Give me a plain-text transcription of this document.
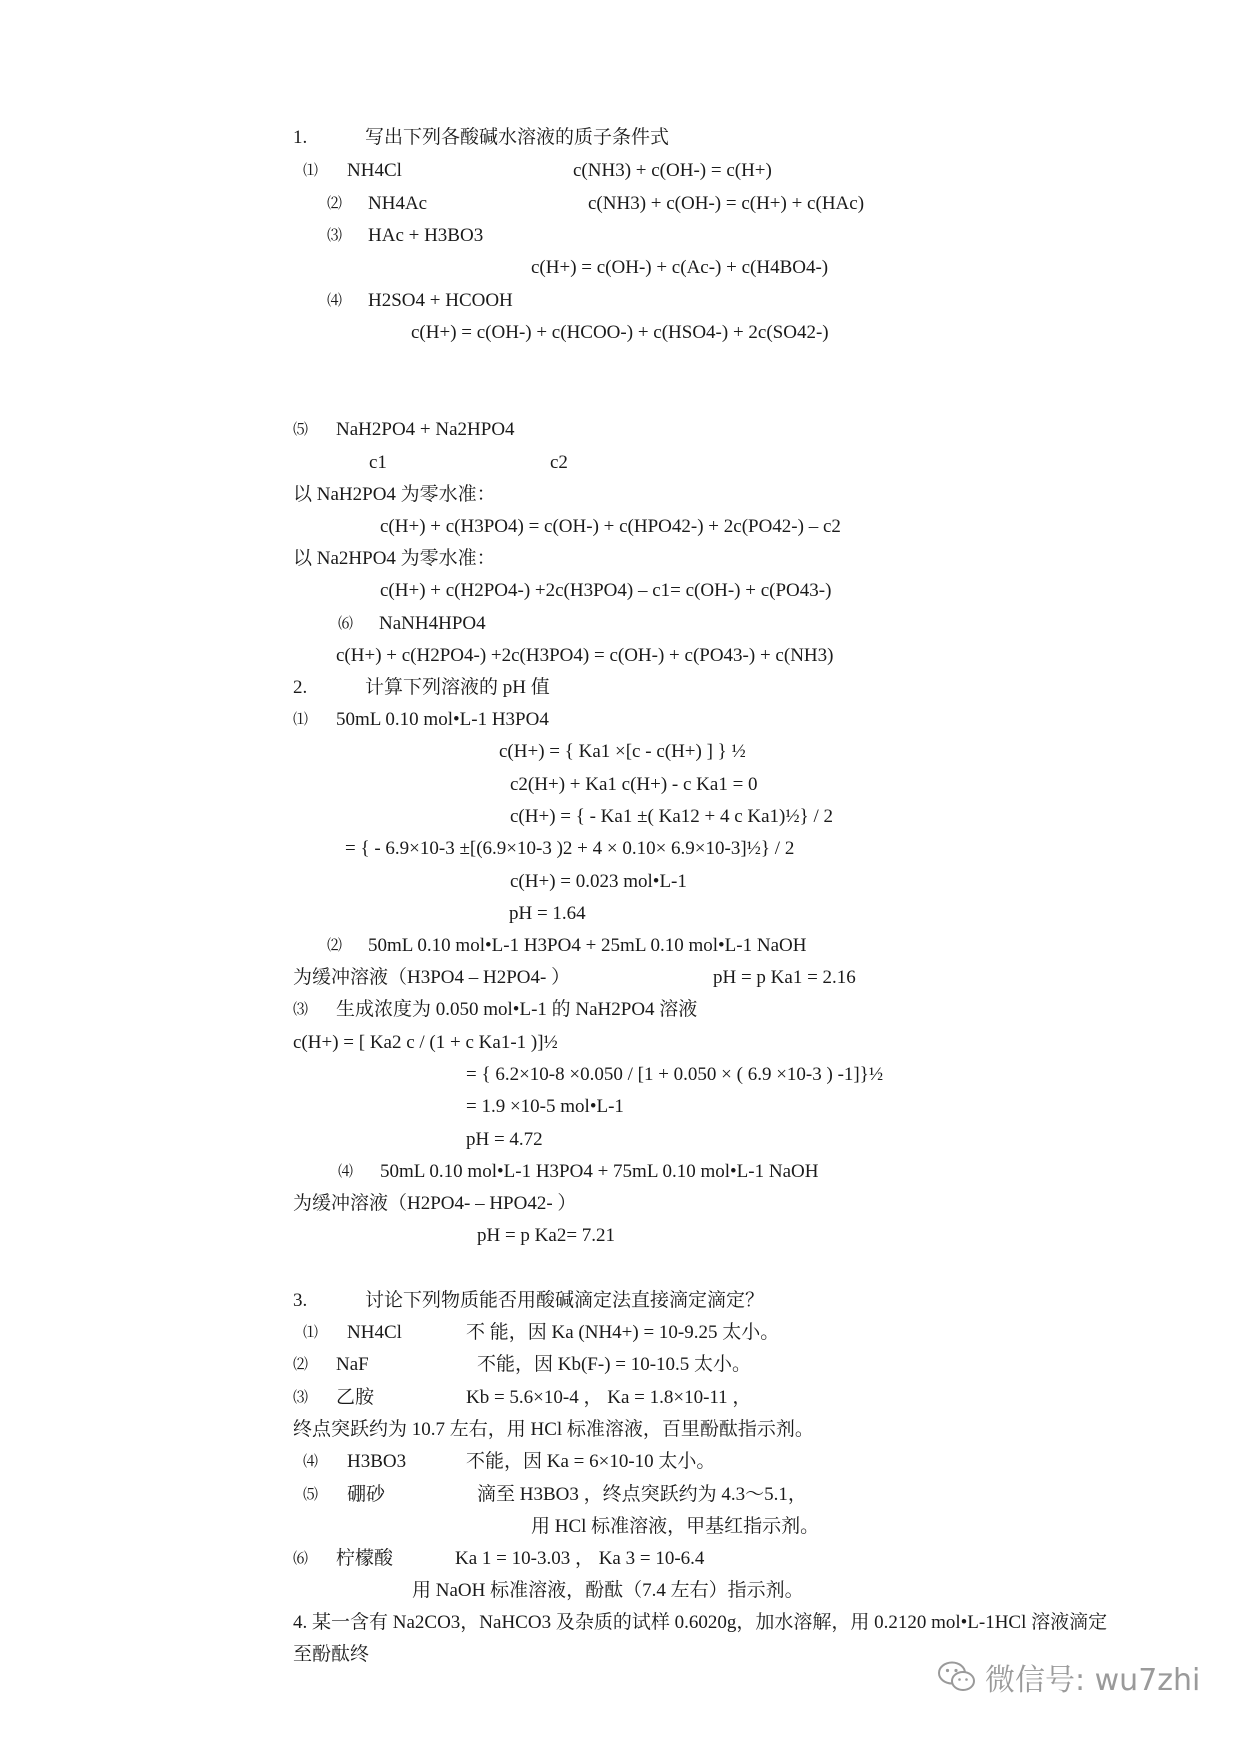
1.	写出下列各酸碱水溶液的质子条件式
⑴ NH4Cl	c(NH3) + c(OH-) = c(H+)
⑵ NH4Ac	c(NH3) + c(OH-) = c(H+) + c(HAc)
⑶ HAc + H3BO3
c(H+) = c(OH-) + c(Ac-) + c(H4BO4-)
⑷ H2SO4 + HCOOH
c(H+) = c(OH-) + c(HCOO-) + c(HSO4-) + 2c(SO42-)
⑸ NaH2PO4 + Na2HPO4
c1	c2
以 NaH2PO4 为零水准：
c(H+) + c(H3PO4) = c(OH-) + c(HPO42-) + 2c(PO42-) – c2
以 Na2HPO4 为零水准：
c(H+) + c(H2PO4-) +2c(H3PO4) – c1= c(OH-) + c(PO43-)
⑹ NaNH4HPO4
c(H+) + c(H2PO4-) +2c(H3PO4) = c(OH-) + c(PO43-) + c(NH3)
2.	计算下列溶液的 pH 值
⑴ 50mL 0.10 mol•L-1 H3PO4
c(H+) = { Ka1 ×[c - c(H+) ] } ½
c2(H+) + Ka1 c(H+) - c Ka1 = 0
c(H+) = { - Ka1 ±( Ka12 + 4 c Ka1)½} / 2
= { - 6.9×10-3 ±[(6.9×10-3 )2 + 4 × 0.10× 6.9×10-3]½} / 2
c(H+) = 0.023 mol•L-1
pH = 1.64
⑵ 50mL 0.10 mol•L-1 H3PO4 + 25mL 0.10 mol•L-1 NaOH
为缓冲溶液（H3PO4 – H2PO4- ）	pH = p Ka1 = 2.16
⑶ 生成浓度为 0.050 mol•L-1 的 NaH2PO4 溶液
c(H+) = [ Ka2 c / (1 + c Ka1-1 )]½
= { 6.2×10-8 ×0.050 / [1 + 0.050 × ( 6.9 ×10-3 ) -1]}½
= 1.9 ×10-5 mol•L-1
pH = 4.72
⑷ 50mL 0.10 mol•L-1 H3PO4 + 75mL 0.10 mol•L-1 NaOH
为缓冲溶液（H2PO4- – HPO42- ）
pH = p Ka2= 7.21
3.	讨论下列物质能否用酸碱滴定法直接滴定滴定？
⑴ NH4Cl	不 能，因 Ka (NH4+) = 10-9.25 太小。
⑵ NaF	不能，因 Kb(F-) = 10-10.5 太小。
⑶ 乙胺	Kb = 5.6×10-4 ， Ka = 1.8×10-11 ，
终点突跃约为 10.7 左右，用 HCl 标准溶液，百里酚酞指示剂。
⑷ H3BO3	不能，因 Ka = 6×10-10 太小。
⑸ 硼砂	滴至 H3BO3 ，终点突跃约为 4.3～5.1，
用 HCl 标准溶液，甲基红指示剂。
⑹ 柠檬酸	Ka 1 = 10-3.03 ， Ka 3 = 10-6.4
用 NaOH 标准溶液，酚酞（7.4 左右）指示剂。
4. 某一含有 Na2CO3，NaHCO3 及杂质的试样 0.6020g，加水溶解，用 0.2120 mol•L-1HCl 溶液滴定
至酚酞终
微信号: wu7zhi
